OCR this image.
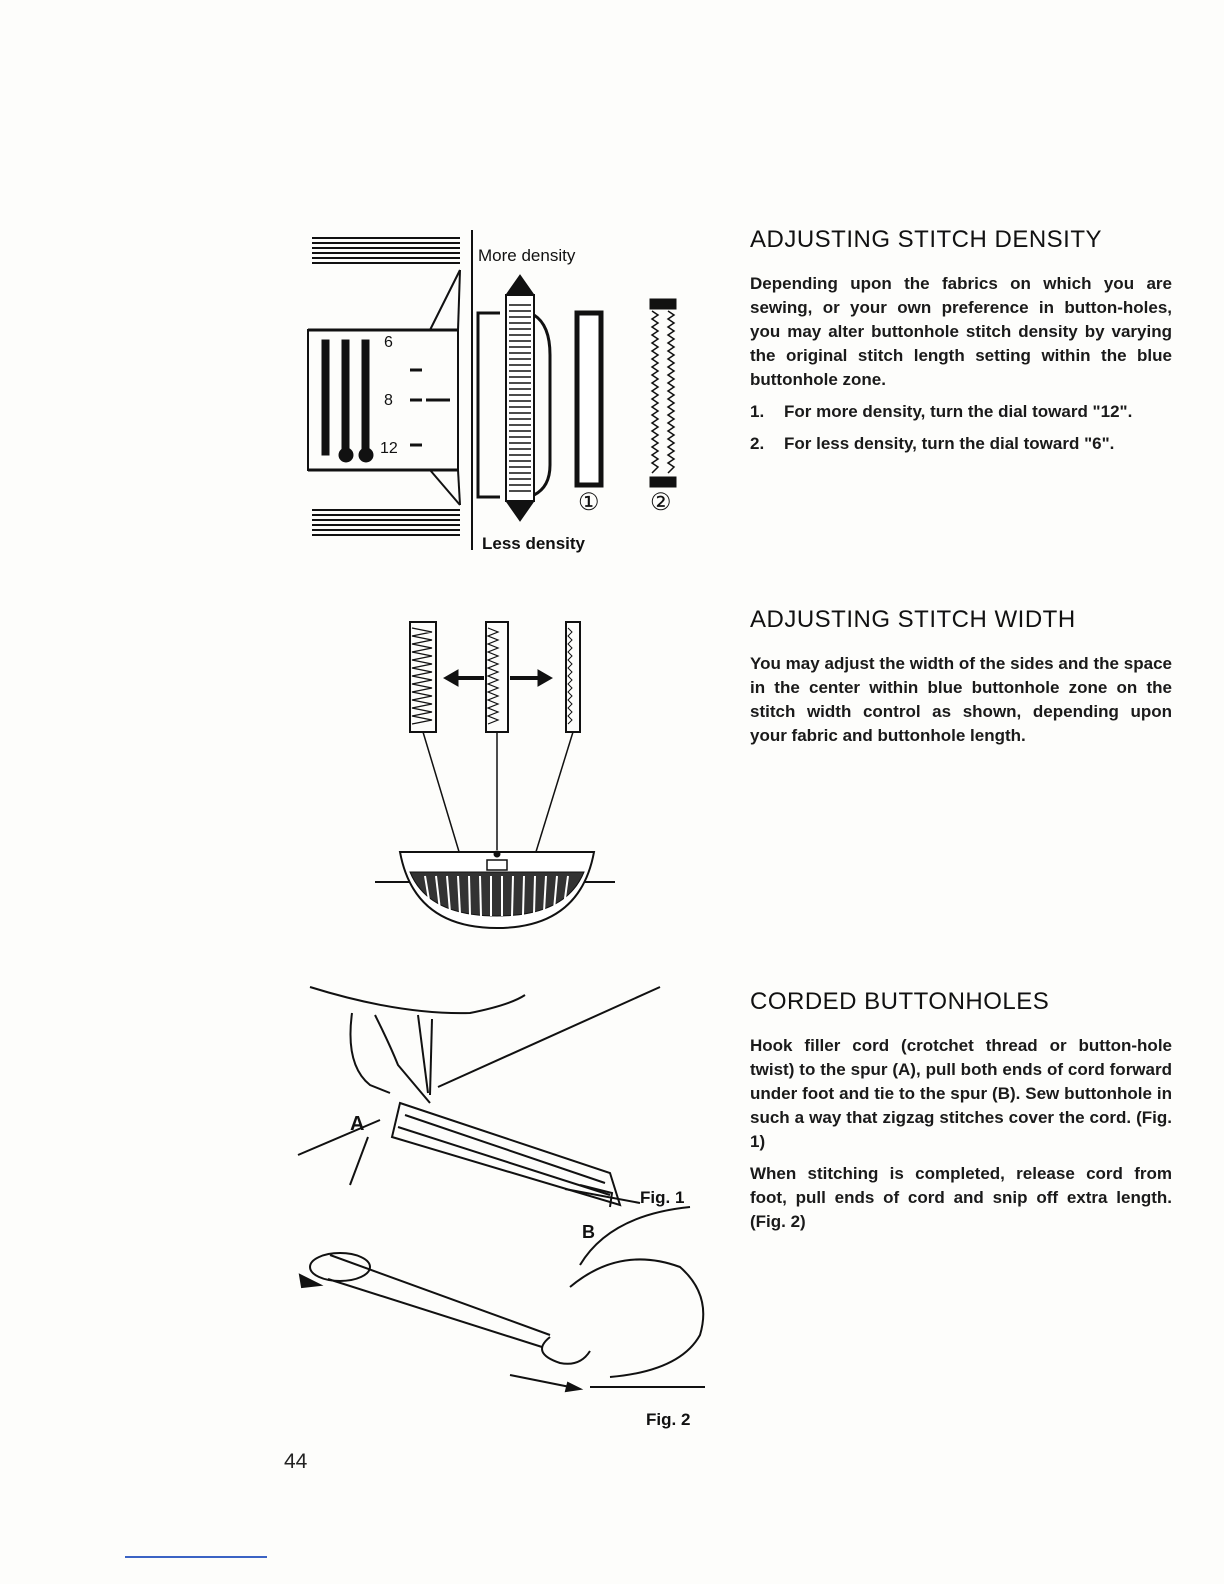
6
8
12
More density
Less density
① ②
A
B
Fig. 1
Fig. 2
ADJUSTING STITCH DENSITY

Depending upon the fabrics on which you are sewing, or your own preference in button-holes, you may alter buttonhole stitch density by varying the original stitch length setting within the blue buttonhole zone.

1.	For more density, turn the dial toward "12".
2.	For less density, turn the dial toward "6".
ADJUSTING STITCH WIDTH

You may adjust the width of the sides and the space in the center within blue buttonhole zone on the stitch width control as shown, depending upon your fabric and buttonhole length.

CORDED BUTTONHOLES

Hook filler cord (crotchet thread or button-hole twist) to the spur (A), pull both ends of cord forward under foot and tie to the spur (B). Sew buttonhole in such a way that zigzag stitches cover the cord. (Fig. 1)

When stitching is completed, release cord from foot, pull ends of cord and snip off extra length. (Fig. 2)

44
